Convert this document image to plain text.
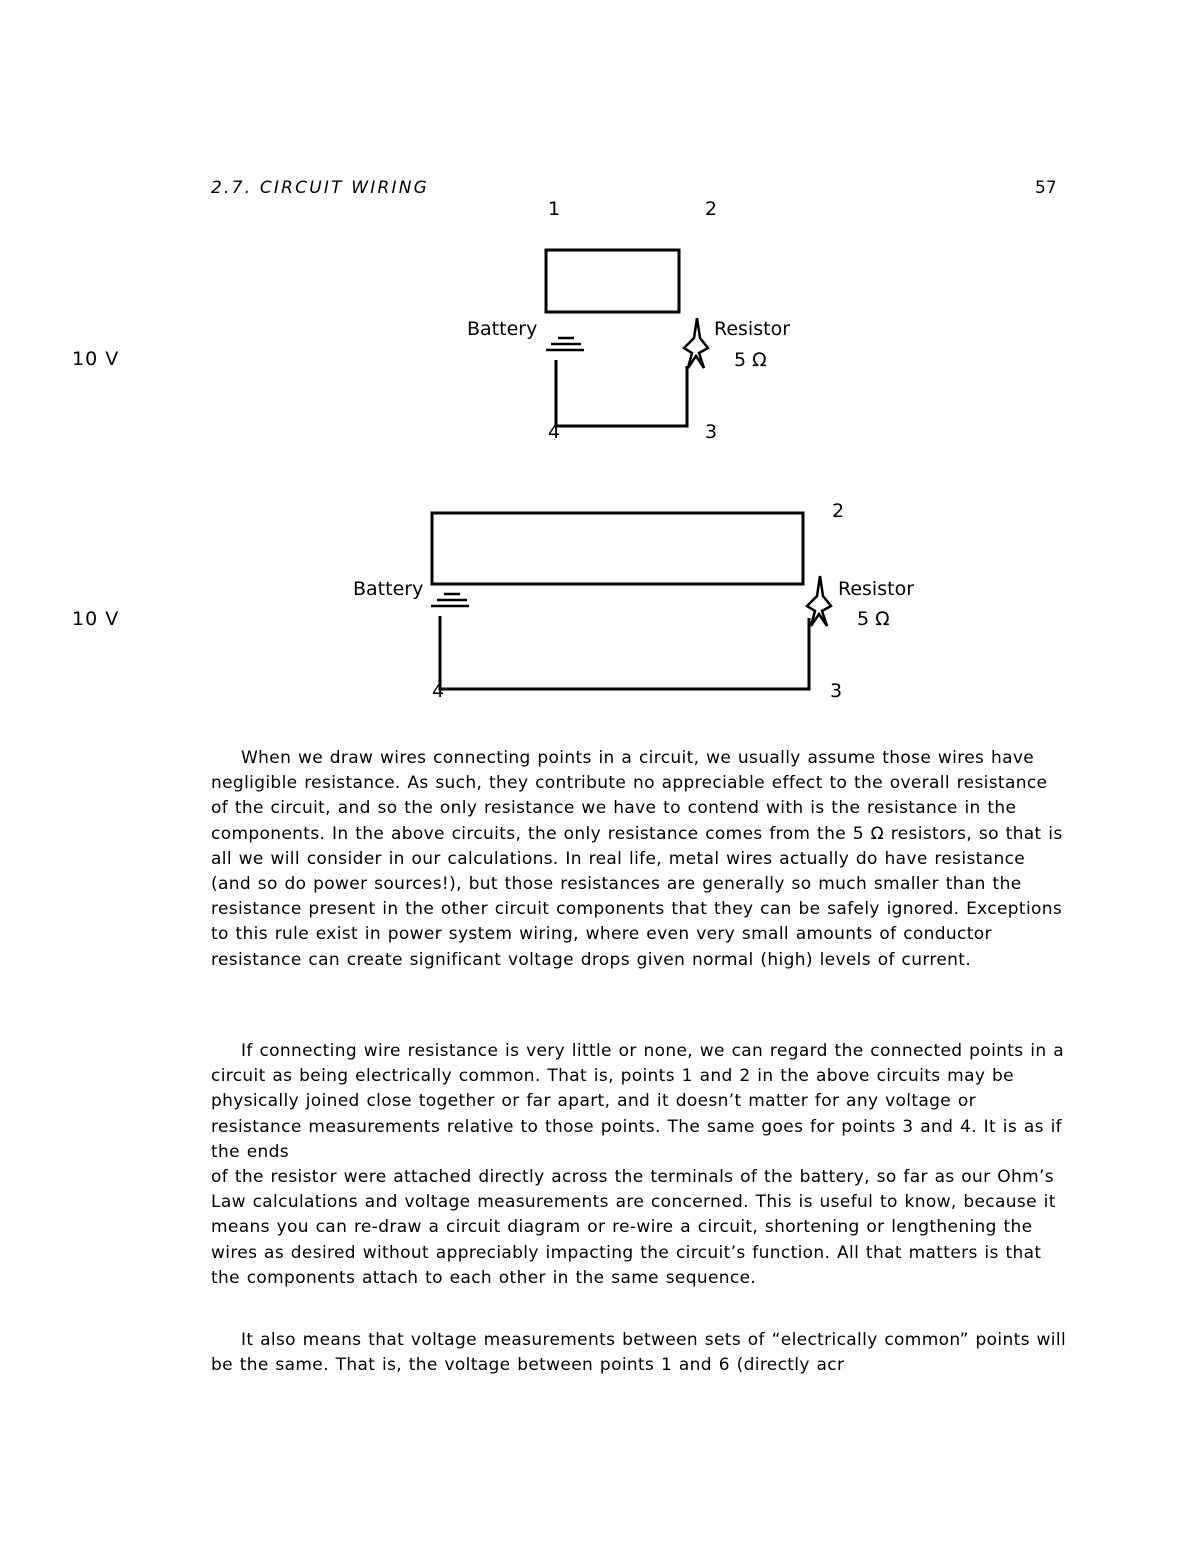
2.7. CIRCUIT WIRING	57
10 V
1	2
Battery	Resistor
5 Ω
4	3
10 V
2
Battery	Resistor
5 Ω
4	3

When we draw wires connecting points in a circuit, we usually assume those wires have negligible resistance. As such, they contribute no appreciable effect to the overall resistance

of the circuit, and so the only resistance we have to contend with is the resistance in the components. In the above circuits, the only resistance comes from the 5 Ω resistors, so that is all we will consider in our calculations. In real life, metal wires actually do have resistance (and so do power sources!), but those resistances are generally so much smaller than the resistance present in the other circuit components that they can be safely ignored. Exceptions to this rule exist in power system wiring, where even very small amounts of conductor resistance can create significant voltage drops given normal (high) levels of current.

If connecting wire resistance is very little or none, we can regard the connected points in a circuit as being electrically common. That is, points 1 and 2 in the above circuits may be physically joined close together or far apart, and it doesn’t matter for any voltage or resistance measurements relative to those points. The same goes for points 3 and 4. It is as if the ends

of the resistor were attached directly across the terminals of the battery, so far as our Ohm’s Law calculations and voltage measurements are concerned. This is useful to know, because it means you can re-draw a circuit diagram or re-wire a circuit, shortening or lengthening the wires as desired without appreciably impacting the circuit’s function. All that matters is that the components attach to each other in the same sequence.

It also means that voltage measurements between sets of “electrically common” points will be the same. That is, the voltage between points 1 and 6 (directly acr
